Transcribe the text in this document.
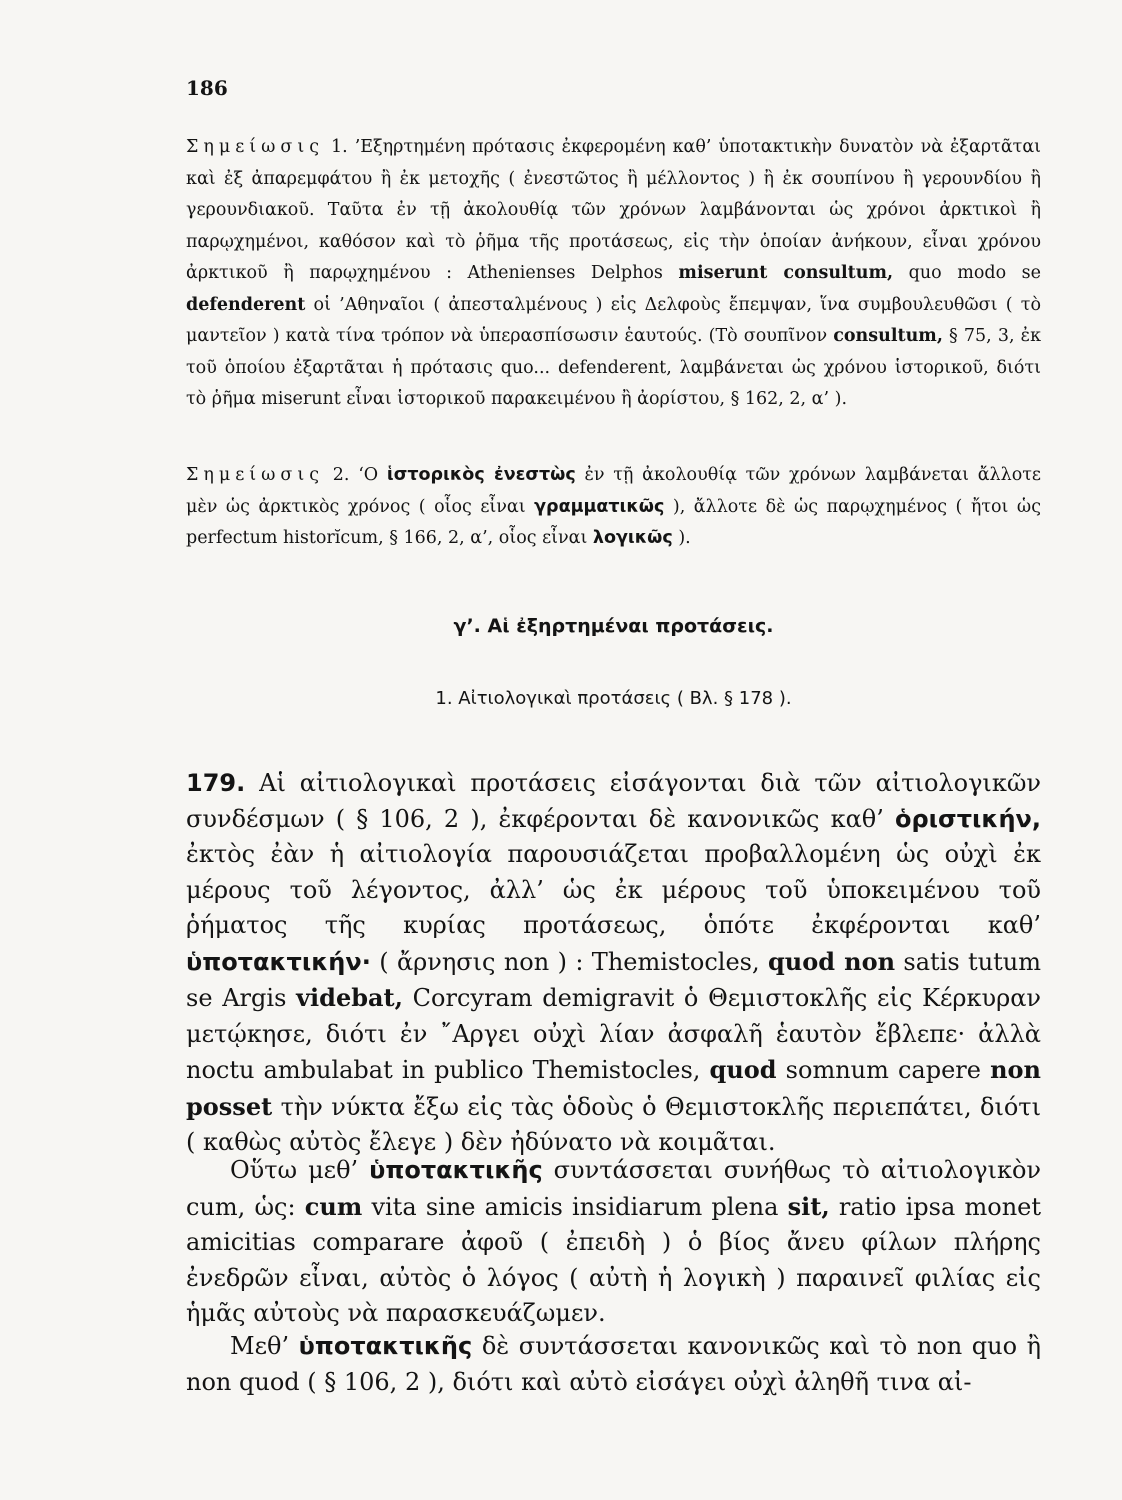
186
Σημείωσις 1. ’Εξηρτημένη πρότασις ἐκφερομένη καθ’ ὑποτακτικὴν δυνατὸν νὰ ἐξαρτᾶται καὶ ἐξ ἀπαρεμφάτου ἢ ἐκ μετοχῆς ( ἐνεστῶτος ἢ μέλλοντος ) ἢ ἐκ σουπίνου ἢ γερουνδίου ἢ γερουνδιακοῦ. Ταῦτα ἐν τῇ ἀκολουθίᾳ τῶν χρόνων λαμβάνονται ὡς χρόνοι ἀρκτικοὶ ἢ παρῳχημένοι, καθόσον καὶ τὸ ῥῆμα τῆς προτάσεως, εἰς τὴν ὁποίαν ἀνήκουν, εἶναι χρόνου ἀρκτικοῦ ἢ παρῳχημένου : Athenienses Delphos miserunt consultum, quo modo se defenderent οἱ ’Αθηναῖοι ( ἀπεσταλμένους ) εἰς Δελφοὺς ἔπεμψαν, ἵνα συμβουλευθῶσι ( τὸ μαντεῖον ) κατὰ τίνα τρόπον νὰ ὑπερασπίσωσιν ἑαυτούς. (Τὸ σουπῖνον consultum, § 75, 3, ἐκ τοῦ ὁποίου ἐξαρτᾶται ἡ πρότασις quo... defenderent, λαμβάνεται ὡς χρόνου ἱστορικοῦ, διότι τὸ ῥῆμα miserunt εἶναι ἱστορικοῦ παρακειμένου ἢ ἀορίστου, § 162, 2, α’ ).
Σημείωσις 2. ‘Ο ἱστορικὸς ἐνεστὼς ἐν τῇ ἀκολουθίᾳ τῶν χρόνων λαμβάνεται ἄλλοτε μὲν ὡς ἀρκτικὸς χρόνος ( οἷος εἶναι γραμματικῶς ), ἄλλοτε δὲ ὡς παρῳχημένος ( ἤτοι ὡς perfectum historĭcum, § 166, 2, α’, οἷος εἶναι λογικῶς ).
γ’. Αἱ ἐξηρτημέναι προτάσεις.
1. Αἰτιολογικαὶ προτάσεις ( Βλ. § 178 ).
179. Αἱ αἰτιολογικαὶ προτάσεις εἰσάγονται διὰ τῶν αἰτιολογικῶν συνδέσμων ( § 106, 2 ), ἐκφέρονται δὲ κανονικῶς καθ’ ὁριστικήν, ἐκτὸς ἐὰν ἡ αἰτιολογία παρουσιάζεται προβαλλομένη ὡς οὐχὶ ἐκ μέρους τοῦ λέγοντος, ἀλλ’ ὡς ἐκ μέρους τοῦ ὑποκειμένου τοῦ ῥήματος τῆς κυρίας προτάσεως, ὁπότε ἐκφέρονται καθ’ ὑποτακτικήν· ( ἄρνησις non ) : Themistocles, quod non satis tutum se Argis videbat, Corcyram demigravit ὁ Θεμιστοκλῆς εἰς Κέρκυραν μετῴκησε, διότι ἐν ῎Αργει οὐχὶ λίαν ἀσφαλῆ ἑαυτὸν ἔβλεπε· ἀλλὰ noctu ambulabat in publico Themistocles, quod somnum capere non posset τὴν νύκτα ἔξω εἰς τὰς ὁδοὺς ὁ Θεμιστοκλῆς περιεπάτει, διότι ( καθὼς αὐτὸς ἔλεγε ) δὲν ἠδύνατο νὰ κοιμᾶται.
Οὕτω μεθ’ ὑποτακτικῆς συντάσσεται συνήθως τὸ αἰτιολογικὸν cum, ὡς: cum vita sine amicis insidiarum plena sit, ratio ipsa monet amicitias comparare ἀφοῦ ( ἐπειδὴ ) ὁ βίος ἄνευ φίλων πλήρης ἐνεδρῶν εἶναι, αὐτὸς ὁ λόγος ( αὐτὴ ἡ λογικὴ ) παραινεῖ φιλίας εἰς ἡμᾶς αὐτοὺς νὰ παρασκευάζωμεν.
Μεθ’ ὑποτακτικῆς δὲ συντάσσεται κανονικῶς καὶ τὸ non quo ἢ non quod ( § 106, 2 ), διότι καὶ αὐτὸ εἰσάγει οὐχὶ ἀληθῆ τινα αἰ-
